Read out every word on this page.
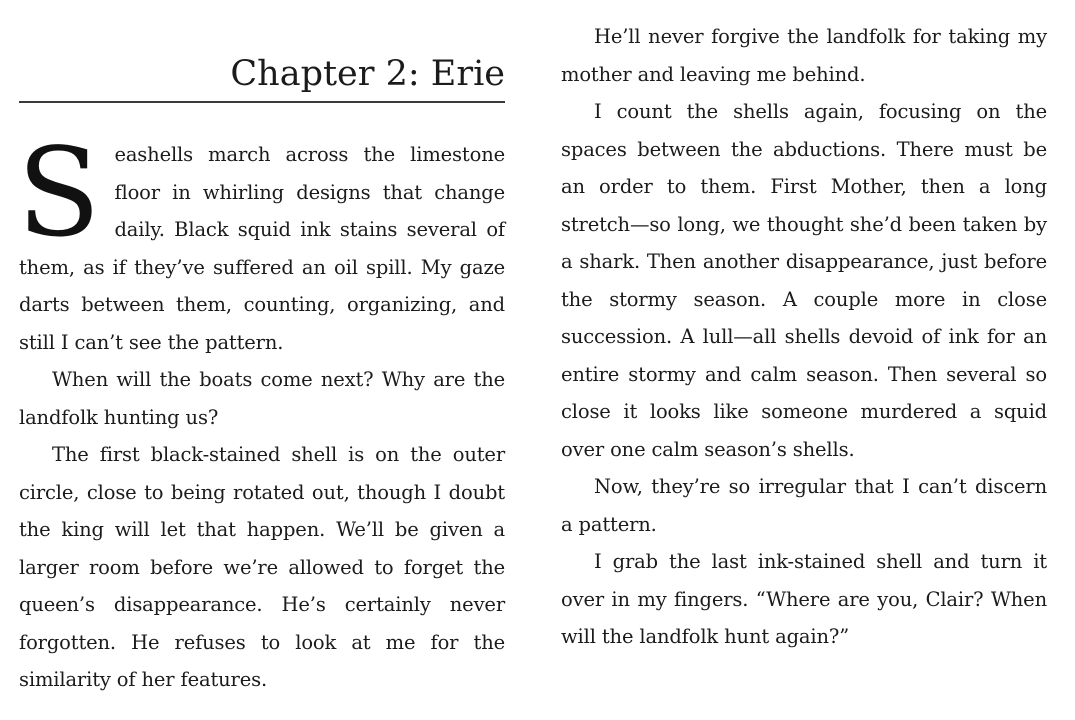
Chapter 2: Erie

Seashells march across the limestone floor in whirling designs that change daily. Black squid ink stains several of them, as if they’ve suffered an oil spill. My gaze darts between them, counting, organizing, and still I can’t see the pattern.

When will the boats come next? Why are the landfolk hunting us?

The first black-stained shell is on the outer circle, close to being rotated out, though I doubt the king will let that happen. We’ll be given a larger room before we’re allowed to forget the queen’s disappearance. He’s certainly never forgotten. He refuses to look at me for the similarity of her features.

He’ll never forgive the landfolk for taking my mother and leaving me behind.

I count the shells again, focusing on the spaces between the abductions. There must be an order to them. First Mother, then a long stretch—so long, we thought she’d been taken by a shark. Then another disappearance, just before the stormy season. A couple more in close succession. A lull—all shells devoid of ink for an entire stormy and calm season. Then several so close it looks like someone murdered a squid over one calm season’s shells.

Now, they’re so irregular that I can’t discern a pattern.

I grab the last ink-stained shell and turn it over in my fingers. “Where are you, Clair? When will the landfolk hunt again?”
